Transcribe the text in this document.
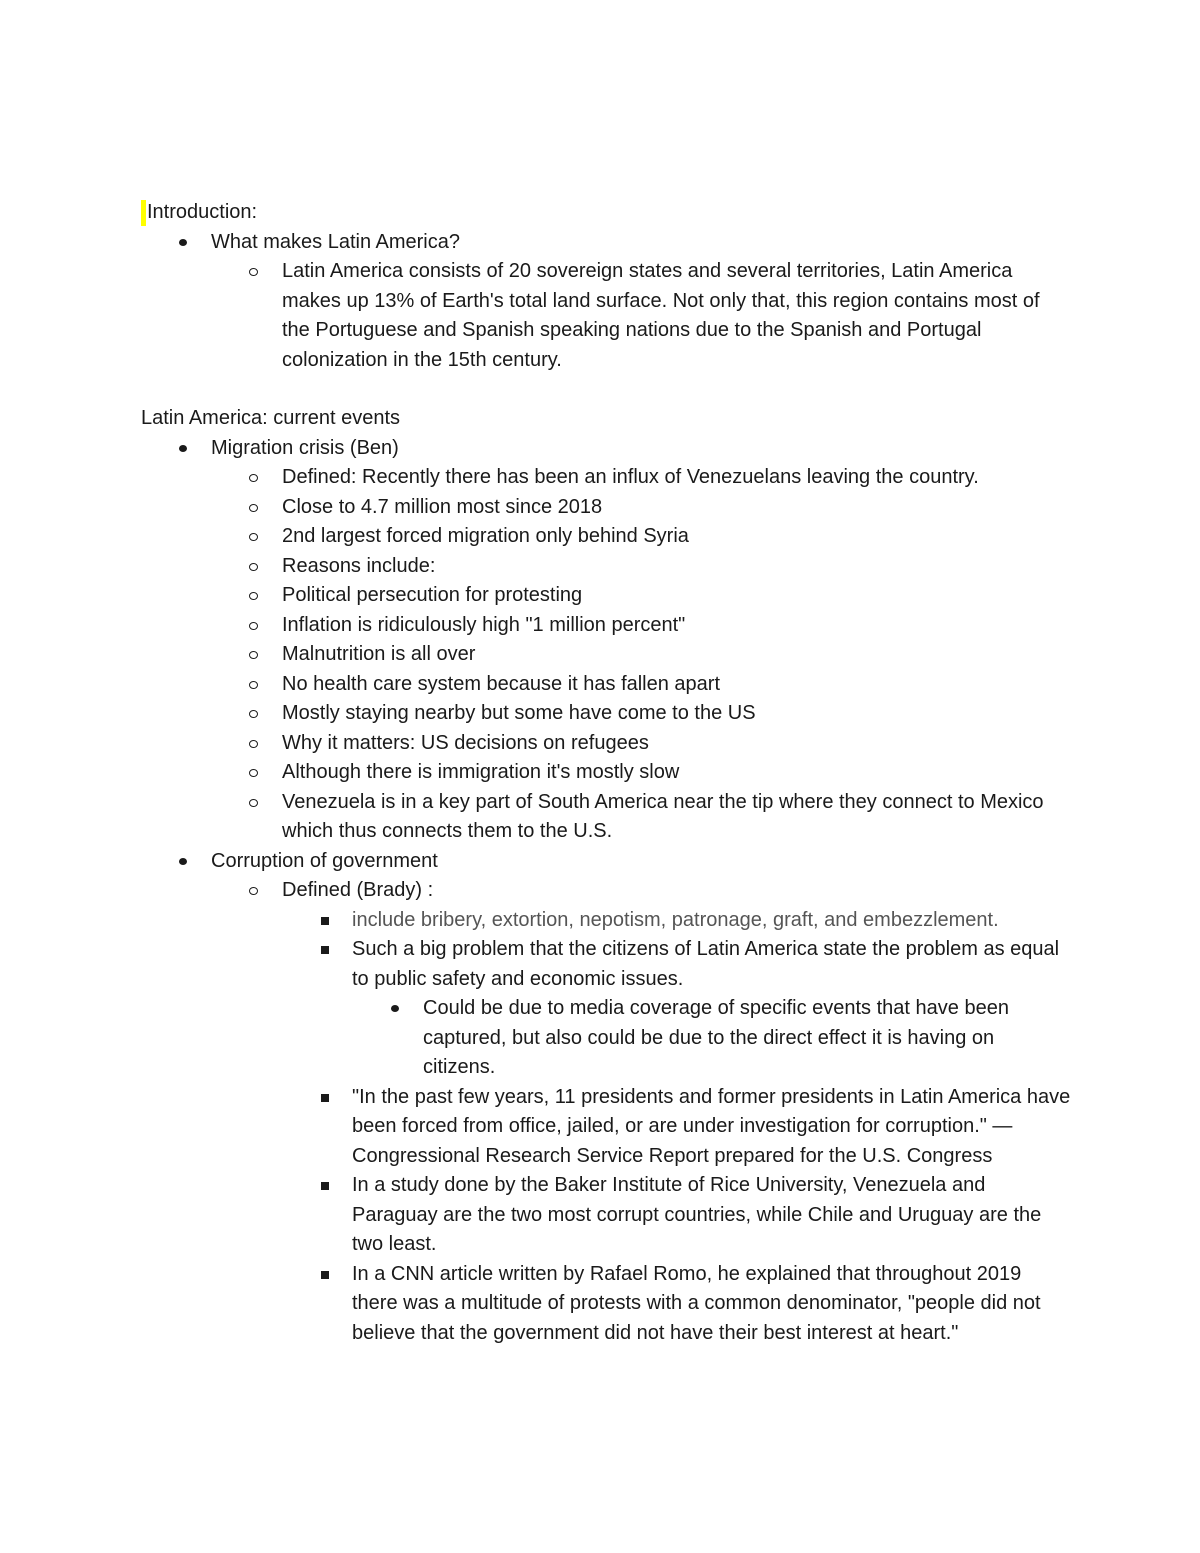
Introduction:

What makes Latin America?
Latin America consists of 20 sovereign states and several territories, Latin America makes up 13% of Earth's total land surface. Not only that, this region contains most of the Portuguese and Spanish speaking nations due to the Spanish and Portugal colonization in the 15th century.

Latin America: current events

Migration crisis (Ben)
Defined: Recently there has been an influx of Venezuelans leaving the country.
Close to 4.7 million most since 2018
2nd largest forced migration only behind Syria
Reasons include:
Political persecution for protesting
Inflation is ridiculously high "1 million percent"
Malnutrition is all over
No health care system because it has fallen apart
Mostly staying nearby but some have come to the US
Why it matters: US decisions on refugees
Although there is immigration it's mostly slow
Venezuela is in a key part of South America near the tip where they connect to Mexico which thus connects them to the U.S.
Corruption of government
Defined (Brady) :
include bribery, extortion, nepotism, patronage, graft, and embezzlement.
Such a big problem that the citizens of Latin America state the problem as equal to public safety and economic issues.
Could be due to media coverage of specific events that have been captured, but also could be due to the direct effect it is having on citizens.
"In the past few years, 11 presidents and former presidents in Latin America have been forced from office, jailed, or are under investigation for corruption." —Congressional Research Service Report prepared for the U.S. Congress
In a study done by the Baker Institute of Rice University, Venezuela and Paraguay are the two most corrupt countries, while Chile and Uruguay are the two least.
In a CNN article written by Rafael Romo, he explained that throughout 2019 there was a multitude of protests with a common denominator, "people did not believe that the government did not have their best interest at heart."
